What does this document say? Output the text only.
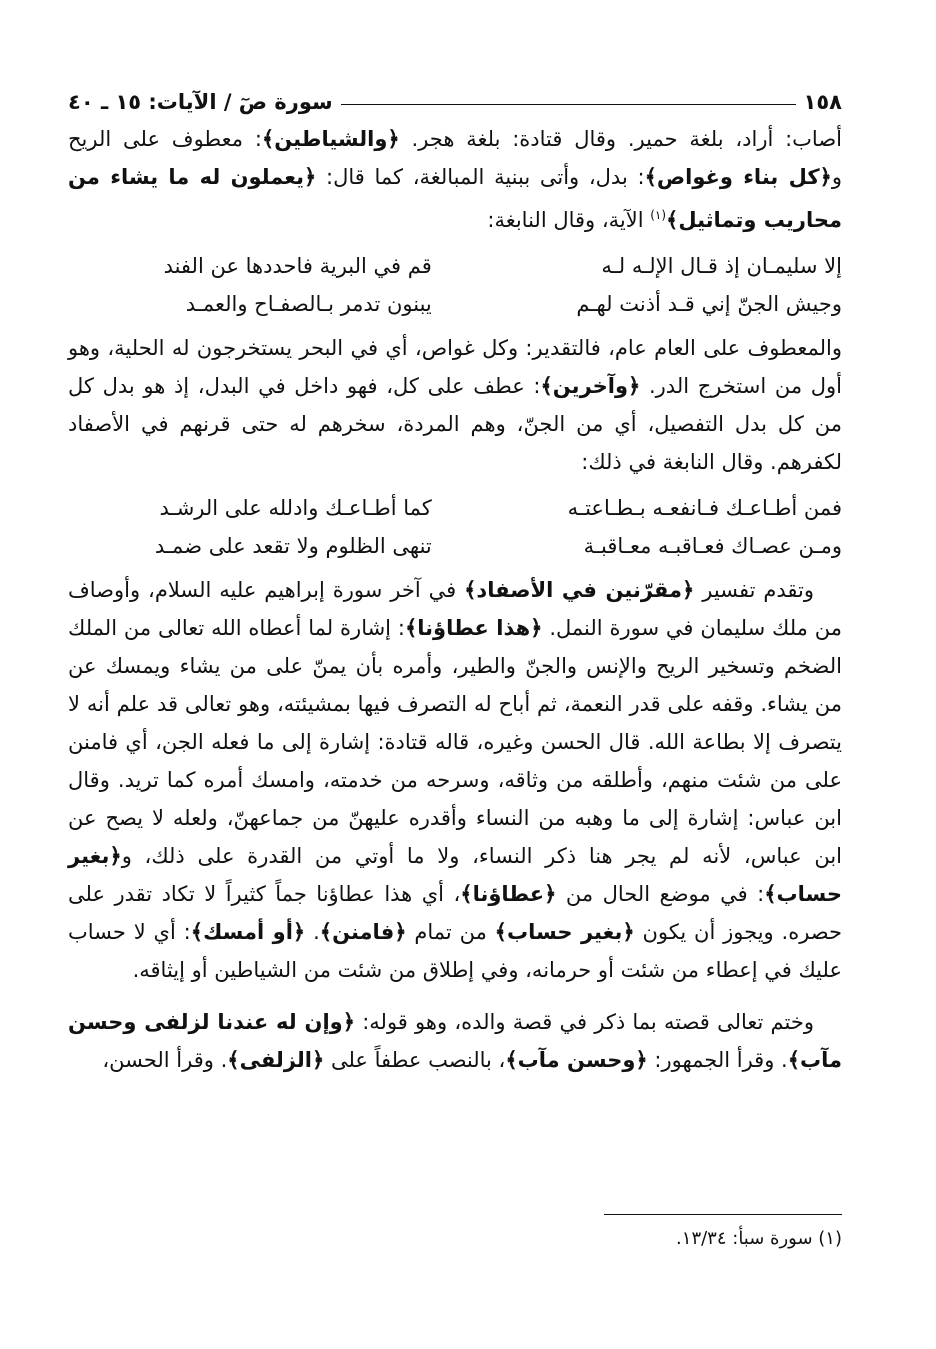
١٥٨
سورة صٓ / الآيات: ١٥ ـ ٤٠

أصاب: أراد، بلغة حمير. وقال قتادة: بلغة هجر. ﴿والشياطين﴾: معطوف على الريح و﴿كل بناء وغواص﴾: بدل، وأتى ببنية المبالغة، كما قال: ﴿يعملون له ما يشاء من محاريب وتماثيل﴾$^{(١)}$ الآية، وقال النابغة:

إلا سليمـان إذ قـال الإلـه لـه
قم في البرية فاحددها عن الفند
وجيش الجنّ إني قـد أذنت لهـم
يبنون تدمر بـالصفـاح والعمـد

والمعطوف على العام عام، فالتقدير: وكل غواص، أي في البحر يستخرجون له الحلية، وهو أول من استخرج الدر. ﴿وآخرين﴾: عطف على كل، فهو داخل في البدل، إذ هو بدل كل من كل بدل التفصيل، أي من الجنّ، وهم المردة، سخرهم له حتى قرنهم في الأصفاد لكفرهم. وقال النابغة في ذلك:

فمن أطـاعـك فـانفعـه بـطـاعتـه
كما أطـاعـك وادلله على الرشـد
ومـن عصـاك فعـاقبـه معـاقبـة
تنهى الظلوم ولا تقعد على ضمـد

وتقدم تفسير ﴿مقرّنين في الأصفاد﴾ في آخر سورة إبراهيم عليه السلام، وأوصاف من ملك سليمان في سورة النمل. ﴿هذا عطاؤنا﴾: إشارة لما أعطاه الله تعالى من الملك الضخم وتسخير الريح والإنس والجنّ والطير، وأمره بأن يمنّ على من يشاء ويمسك عن من يشاء. وقفه على قدر النعمة، ثم أباح له التصرف فيها بمشيئته، وهو تعالى قد علم أنه لا يتصرف إلا بطاعة الله. قال الحسن وغيره، قاله قتادة: إشارة إلى ما فعله الجن، أي فامنن على من شئت منهم، وأطلقه من وثاقه، وسرحه من خدمته، وامسك أمره كما تريد. وقال ابن عباس: إشارة إلى ما وهبه من النساء وأقدره عليهنّ من جماعهنّ، ولعله لا يصح عن ابن عباس، لأنه لم يجر هنا ذكر النساء، ولا ما أوتي من القدرة على ذلك، و﴿بغير حساب﴾: في موضع الحال من ﴿عطاؤنا﴾، أي هذا عطاؤنا جماً كثيراً لا تكاد تقدر على حصره. ويجوز أن يكون ﴿بغير حساب﴾ من تمام ﴿فامنن﴾. ﴿أو أمسك﴾: أي لا حساب عليك في إعطاء من شئت أو حرمانه، وفي إطلاق من شئت من الشياطين أو إيثاقه.

وختم تعالى قصته بما ذكر في قصة والده، وهو قوله: ﴿وإن له عندنا لزلفى وحسن مآب﴾. وقرأ الجمهور: ﴿وحسن مآب﴾، بالنصب عطفاً على ﴿الزلفى﴾. وقرأ الحسن،

(١) سورة سبأ: ١٣/٣٤.
